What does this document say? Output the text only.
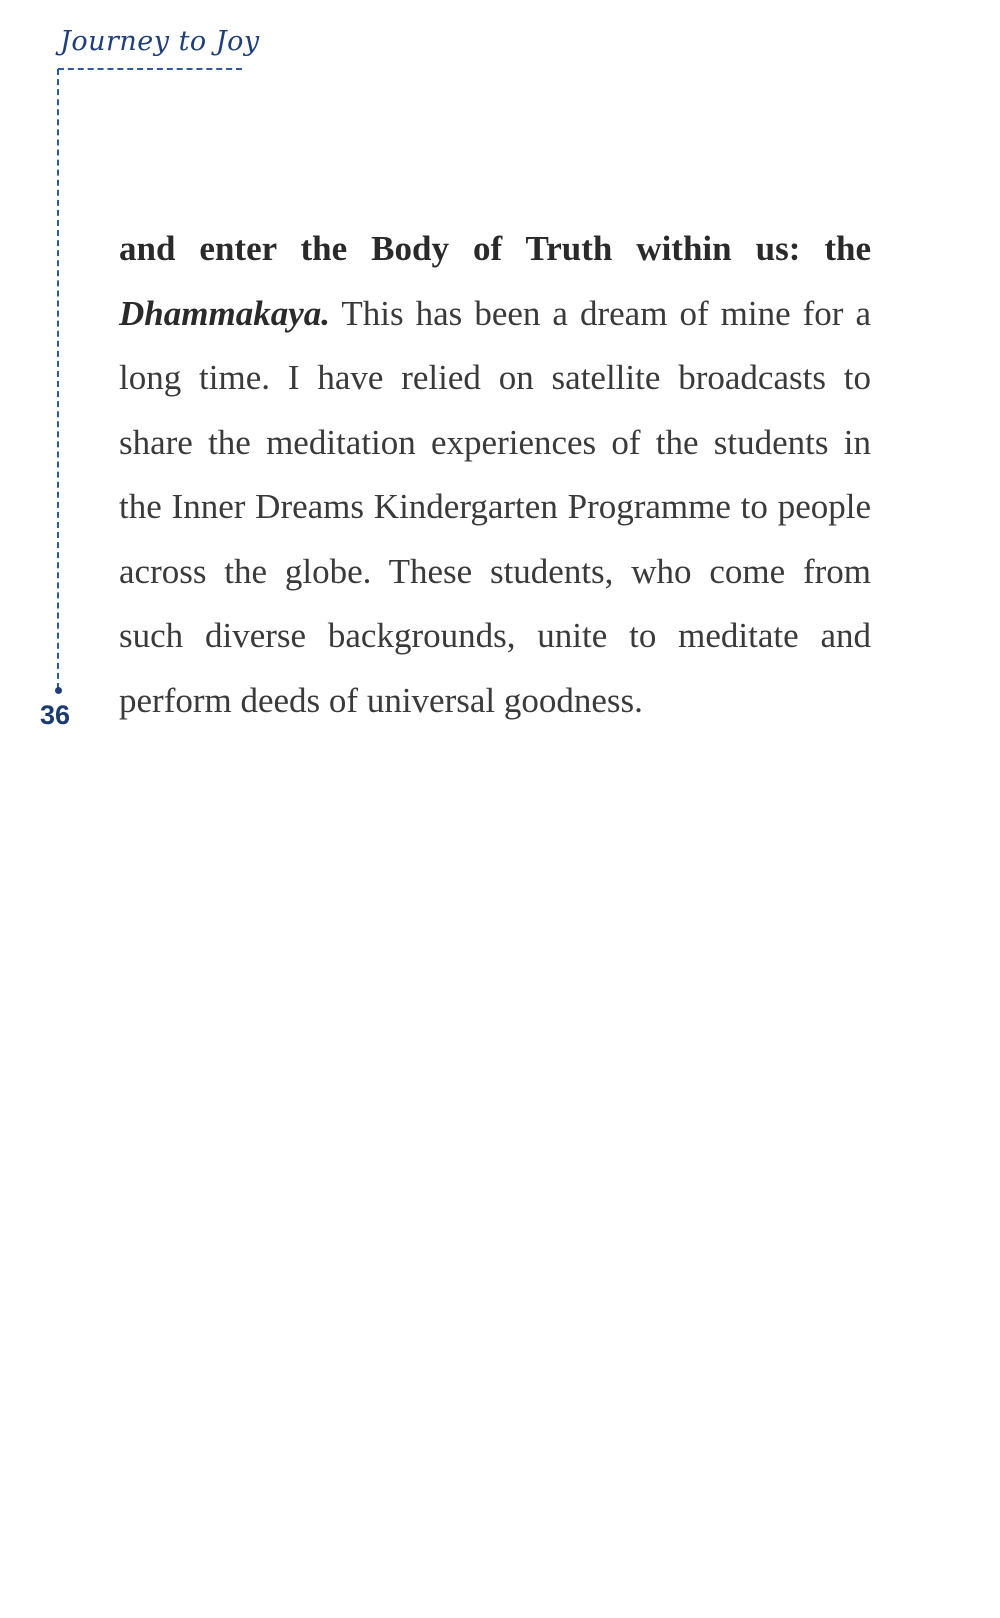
Journey to Joy
36

and enter the Body of Truth within us: the Dhammakaya. This has been a dream of mine for a long time. I have relied on satellite broadcasts to share the meditation experiences of the students in the Inner Dreams Kindergarten Programme to people across the globe. These students, who come from such diverse backgrounds, unite to meditate and perform deeds of universal goodness.
